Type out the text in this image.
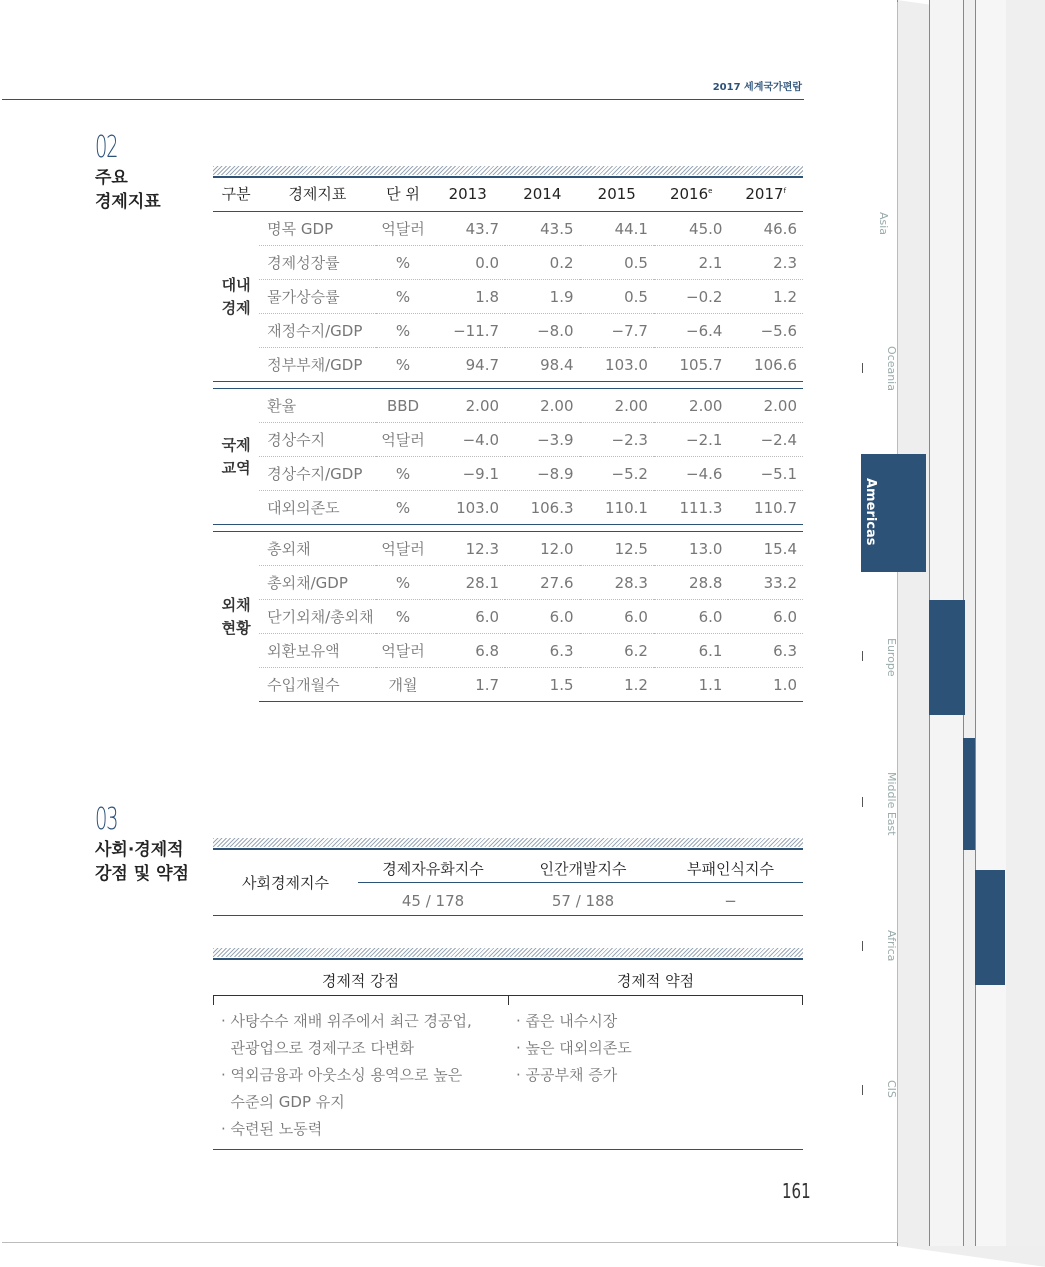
2017 세계국가편람
02
주요
경제지표	구분	경제지표	단 위	2013	2014	2015	2016e	2017$^f$

대내
경제	명목 GDP	억달러	43.7	43.5	44.1	45.0	46.6
	경제성장률	%	0.0	0.2	0.5	2.1	2.3
	물가상승률	%	1.8	1.9	0.5	−0.2	1.2
	재정수지/GDP	%	−11.7	−8.0	−7.7	−6.4	−5.6
	정부부채/GDP	%	94.7	98.4	103.0	105.7	106.6

국제
교역	환율	BBD	2.00	2.00	2.00	2.00	2.00
	경상수지	억달러	−4.0	−3.9	−2.3	−2.1	−2.4
	경상수지/GDP	%	−9.1	−8.9	−5.2	−4.6	−5.1
	대외의존도	%	103.0	106.3	110.1	111.3	110.7

외채
현황	총외채	억달러	12.3	12.0	12.5	13.0	15.4
	총외채/GDP	%	28.1	27.6	28.3	28.8	33.2
	단기외채/총외채	%	6.0	6.0	6.0	6.0	6.0
	외환보유액	억달러	6.8	6.3	6.2	6.1	6.3
	수입개월수	개월	1.7	1.5	1.2	1.1	1.0
03
사회·경제적
강점 및 약점	사회경제지수
경제자유화지수	인간개발지수	부패인식지수
45 / 178	57 / 188	−
경제적 강점	경제적 약점
· 사탕수수 재배 위주에서 최근 경공업,
관광업으로 경제구조 다변화
· 역외금융과 아웃소싱 용역으로 높은
수준의 GDP 유지
· 숙련된 노동력
· 좁은 내수시장
· 높은 대외의존도
· 공공부채 증가
161
Asia
Oceania
Americas
Europe
Middle East
Africa
CIS
